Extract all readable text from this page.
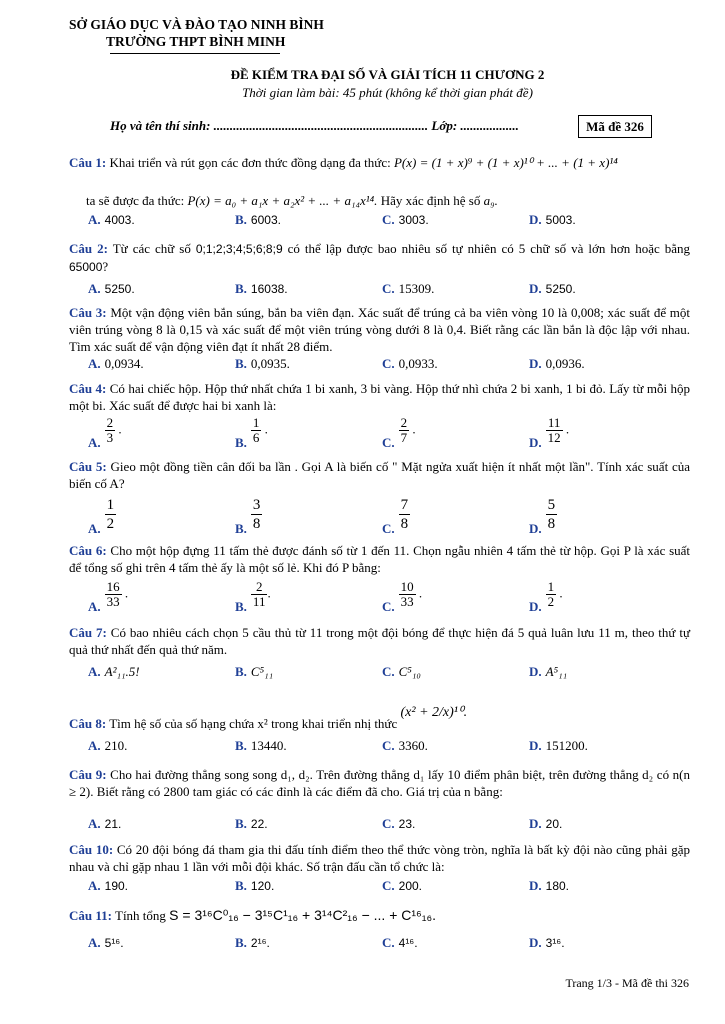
SỞ GIÁO DỤC VÀ ĐÀO TẠO NINH BÌNH
TRƯỜNG THPT BÌNH MINH
ĐỀ KIỂM TRA ĐẠI SỐ VÀ GIẢI TÍCH 11 CHƯƠNG 2
Thời gian làm bài: 45 phút (không kể thời gian phát đề)
Họ và tên thí sinh: .................................................................. Lớp: ..................	Mã đề 326
Câu 1: Khai triển và rút gọn các đơn thức đồng dạng đa thức: P(x) = (1 + x)⁹ + (1 + x)¹⁰ + ... + (1 + x)¹⁴
ta sẽ được đa thức: P(x) = a₀ + a₁x + a₂x² + ... + a₁₄x¹⁴. Hãy xác định hệ số a₉.
A. 4003.	B. 6003.	C. 3003.	D. 5003.
Câu 2: Từ các chữ số 0;1;2;3;4;5;6;8;9 có thể lập được bao nhiêu số tự nhiên có 5 chữ số và lớn hơn hoặc bằng 65000?
A. 5250.	B. 16038.	C. 15309.	D. 5250.
Câu 3: Một vận động viên bắn súng, bắn ba viên đạn. Xác suất để trúng cả ba viên vòng 10 là 0,008; xác suất để một viên trúng vòng 8 là 0,15 và xác suất để một viên trúng vòng dưới 8 là 0,4. Biết rằng các lần bắn là độc lập với nhau. Tìm xác suất để vận động viên đạt ít nhất 28 điểm.
A. 0,0934.	B. 0,0935.	C. 0,0933.	D. 0,0936.
Câu 4: Có hai chiếc hộp. Hộp thứ nhất chứa 1 bi xanh, 3 bi vàng. Hộp thứ nhì chứa 2 bi xanh, 1 bi đỏ. Lấy từ mỗi hộp một bi. Xác suất để được hai bi xanh là:
A. $\frac{2}{3}$ .
B. $\frac{1}{6}$ .
C. $\frac{2}{7}$ .
D. $\frac{11}{12}$ .
Câu 5: Gieo một đồng tiền cân đối ba lần . Gọi A là biến cố " Mặt ngửa xuất hiện ít nhất một lần". Tính xác suất của biến cố A?
A. $\frac{1}{2}$	B. $\frac{3}{8}$	C. $\frac{7}{8}$	D. $\frac{5}{8}$
Câu 6: Cho một hộp đựng 11 tấm thẻ được đánh số từ 1 đến 11. Chọn ngẫu nhiên 4 tấm thẻ từ hộp. Gọi P là xác suất để tổng số ghi trên 4 tấm thẻ ấy là một số lẻ. Khi đó P bằng:
A. $\frac{16}{33}$ .
B. $\frac{2}{11}$ .
C. $\frac{10}{33}$ .
D. $\frac{1}{2}$ .
Câu 7: Có bao nhiêu cách chọn 5 cầu thủ từ 11 trong một đội bóng để thực hiện đá 5 quả luân lưu 11 m, theo thứ tự quả thứ nhất đến quả thứ năm.
A. A²₁₁.5!	B. C⁵₁₁	C. C⁵₁₀	D. A⁵₁₁
Câu 8: Tìm hệ số của số hạng chứa x² trong khai triển nhị thức (x² + 2/x)¹⁰.
A. 210.	B. 13440.	C. 3360.	D. 151200.
Câu 9: Cho hai đường thẳng song song d₁, d₂. Trên đường thẳng d₁ lấy 10 điểm phân biệt, trên đường thẳng d₂ có n(n ≥ 2). Biết rằng có 2800 tam giác có các đỉnh là các điểm đã cho. Giá trị của n bằng:
A. 21.	B. 22.	C. 23.	D. 20.
Câu 10: Có 20 đội bóng đá tham gia thi đấu tính điểm theo thể thức vòng tròn, nghĩa là bất kỳ đội nào cũng phải gặp nhau và chỉ gặp nhau 1 lần với mỗi đội khác. Số trận đấu cần tổ chức là:
A. 190.	B. 120.	C. 200.	D. 180.
Câu 11: Tính tổng S = 3¹⁶C⁰₁₆ − 3¹⁵C¹₁₆ + 3¹⁴C²₁₆ − ... + C¹⁶₁₆.
A. 5¹⁶.	B. 2¹⁶.	C. 4¹⁶.	D. 3¹⁶.
Trang 1/3 - Mã đề thi 326
